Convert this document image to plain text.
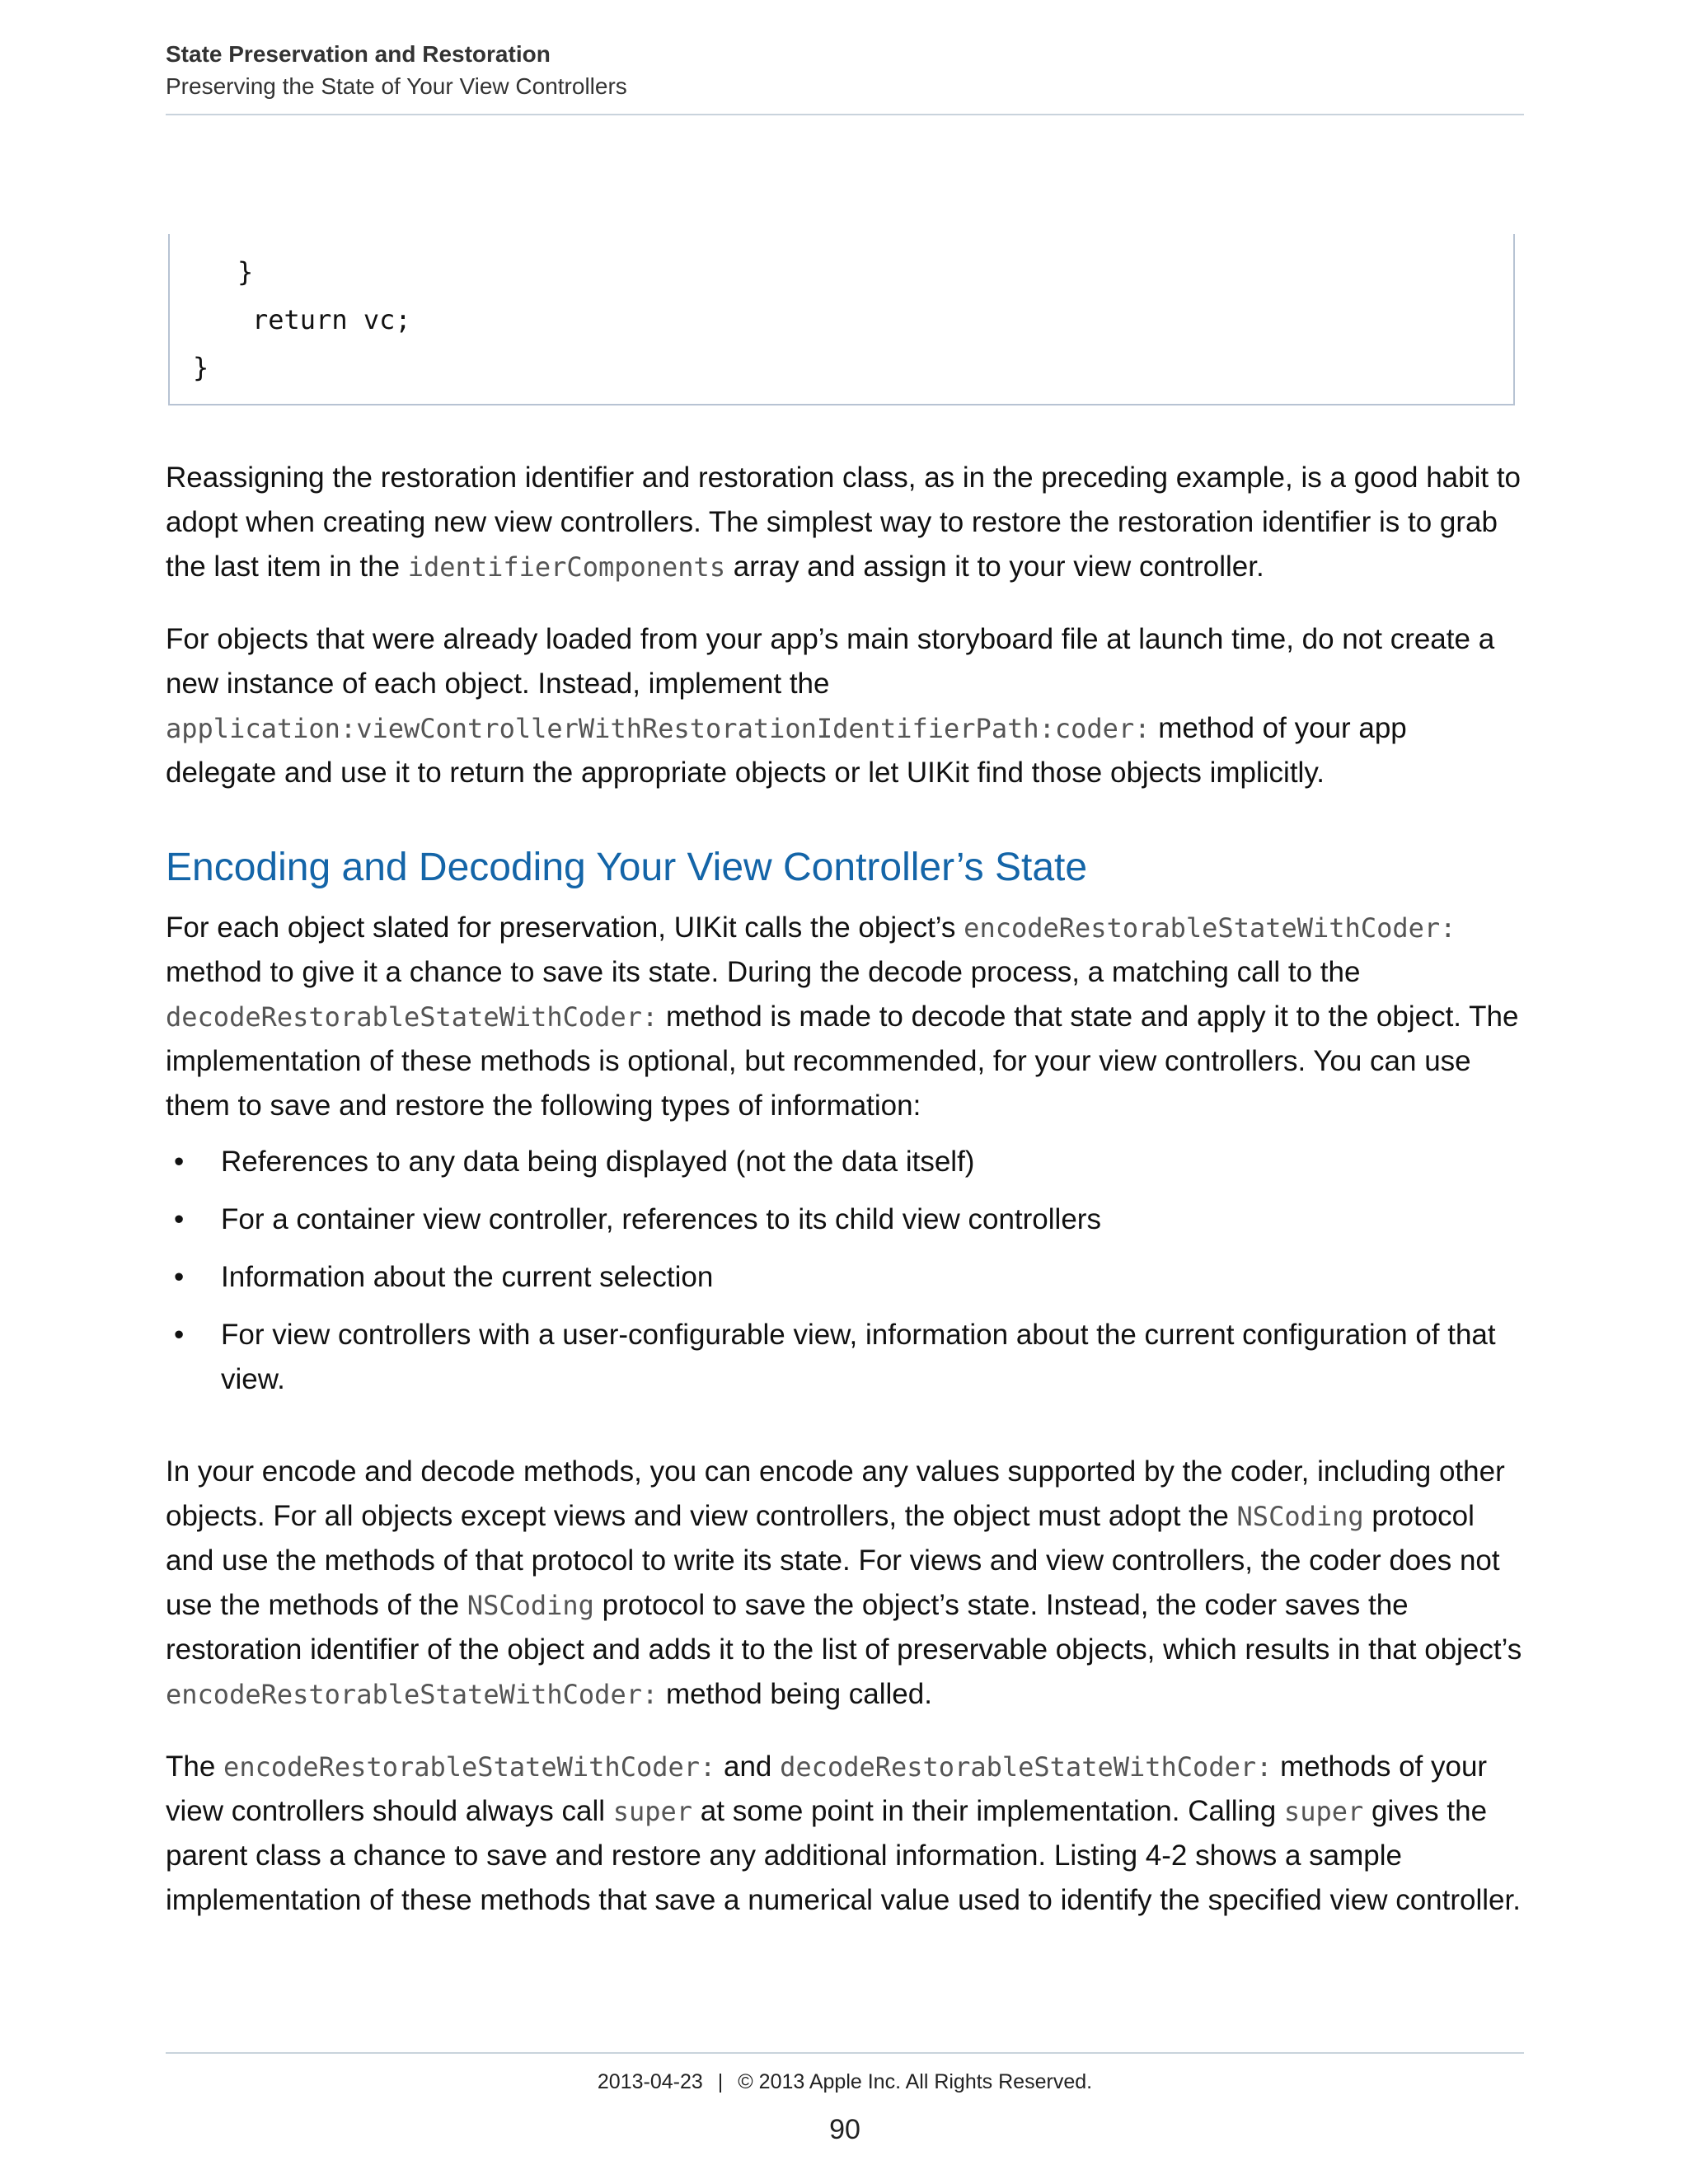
State Preservation and Restoration
Preserving the State of Your View Controllers
}
return vc;
}

Reassigning the restoration identifier and restoration class, as in the preceding example, is a good habit to adopt when creating new view controllers. The simplest way to restore the restoration identifier is to grab the last item in the identifierComponents array and assign it to your view controller.

For objects that were already loaded from your app’s main storyboard file at launch time, do not create a new instance of each object. Instead, implement the application:viewControllerWithRestorationIdentifierPath:coder: method of your app delegate and use it to return the appropriate objects or let UIKit find those objects implicitly.

Encoding and Decoding Your View Controller’s State

For each object slated for preservation, UIKit calls the object’s encodeRestorableStateWithCoder: method to give it a chance to save its state. During the decode process, a matching call to the decodeRestorableStateWithCoder: method is made to decode that state and apply it to the object. The implementation of these methods is optional, but recommended, for your view controllers. You can use them to save and restore the following types of information:

• References to any data being displayed (not the data itself)
• For a container view controller, references to its child view controllers
• Information about the current selection
• For view controllers with a user-configurable view, information about the current configuration of that view.

In your encode and decode methods, you can encode any values supported by the coder, including other objects. For all objects except views and view controllers, the object must adopt the NSCoding protocol and use the methods of that protocol to write its state. For views and view controllers, the coder does not use the methods of the NSCoding protocol to save the object’s state. Instead, the coder saves the restoration identifier of the object and adds it to the list of preservable objects, which results in that object’s encodeRestorableStateWithCoder: method being called.

The encodeRestorableStateWithCoder: and decodeRestorableStateWithCoder: methods of your view controllers should always call super at some point in their implementation. Calling super gives the parent class a chance to save and restore any additional information. Listing 4-2 shows a sample implementation of these methods that save a numerical value used to identify the specified view controller.

2013-04-23 | © 2013 Apple Inc. All Rights Reserved.
90
